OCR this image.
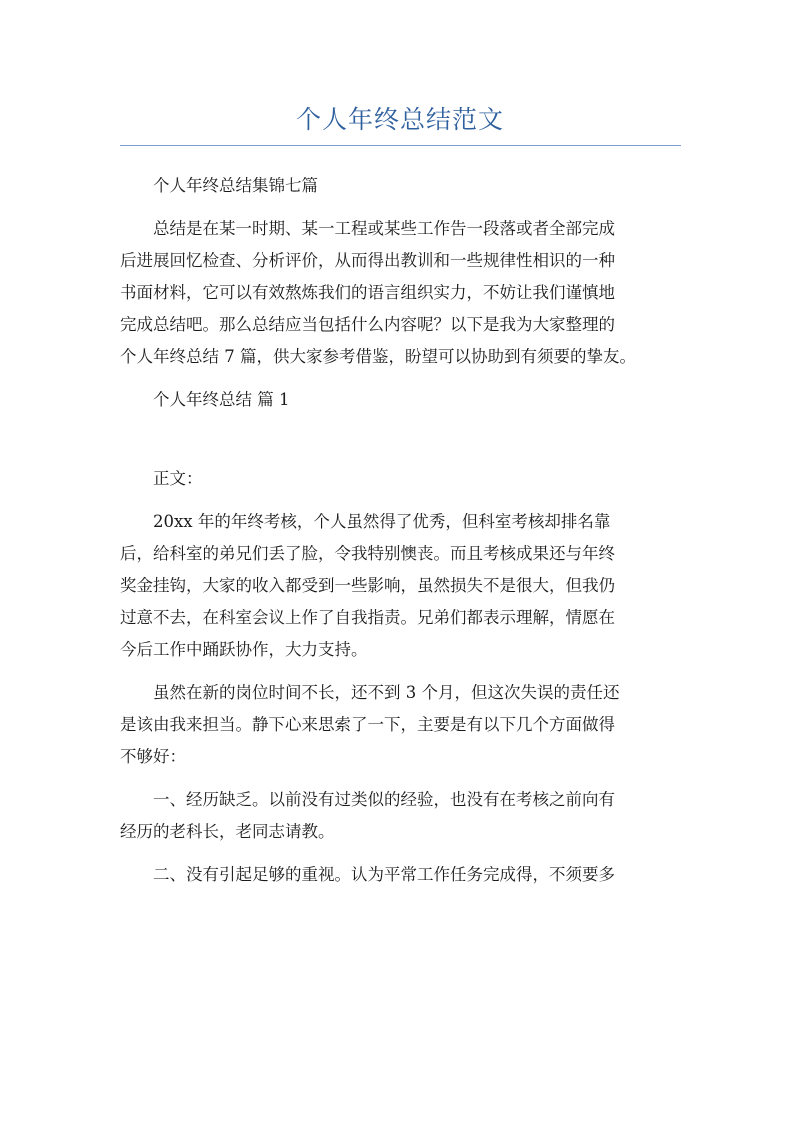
个人年终总结范文

个人年终总结集锦七篇

总结是在某一时期、某一工程或某些工作告一段落或者全部完成
后进展回忆检查、分析评价，从而得出教训和一些规律性相识的一种
书面材料，它可以有效熬炼我们的语言组织实力，不妨让我们谨慎地
完成总结吧。那么总结应当包括什么内容呢？以下是我为大家整理的
个人年终总结 7 篇，供大家参考借鉴，盼望可以协助到有须要的挚友。

个人年终总结 篇 1

正文：

20xx 年的年终考核，个人虽然得了优秀，但科室考核却排名靠
后，给科室的弟兄们丢了脸，令我特别懊丧。而且考核成果还与年终
奖金挂钩，大家的收入都受到一些影响，虽然损失不是很大，但我仍
过意不去，在科室会议上作了自我指责。兄弟们都表示理解，情愿在
今后工作中踊跃协作，大力支持。
虽然在新的岗位时间不长，还不到 3 个月，但这次失误的责任还
是该由我来担当。静下心来思索了一下，主要是有以下几个方面做得
不够好：
一、经历缺乏。以前没有过类似的经验，也没有在考核之前向有
经历的老科长，老同志请教。
二、没有引起足够的重视。认为平常工作任务完成得，不须要多
